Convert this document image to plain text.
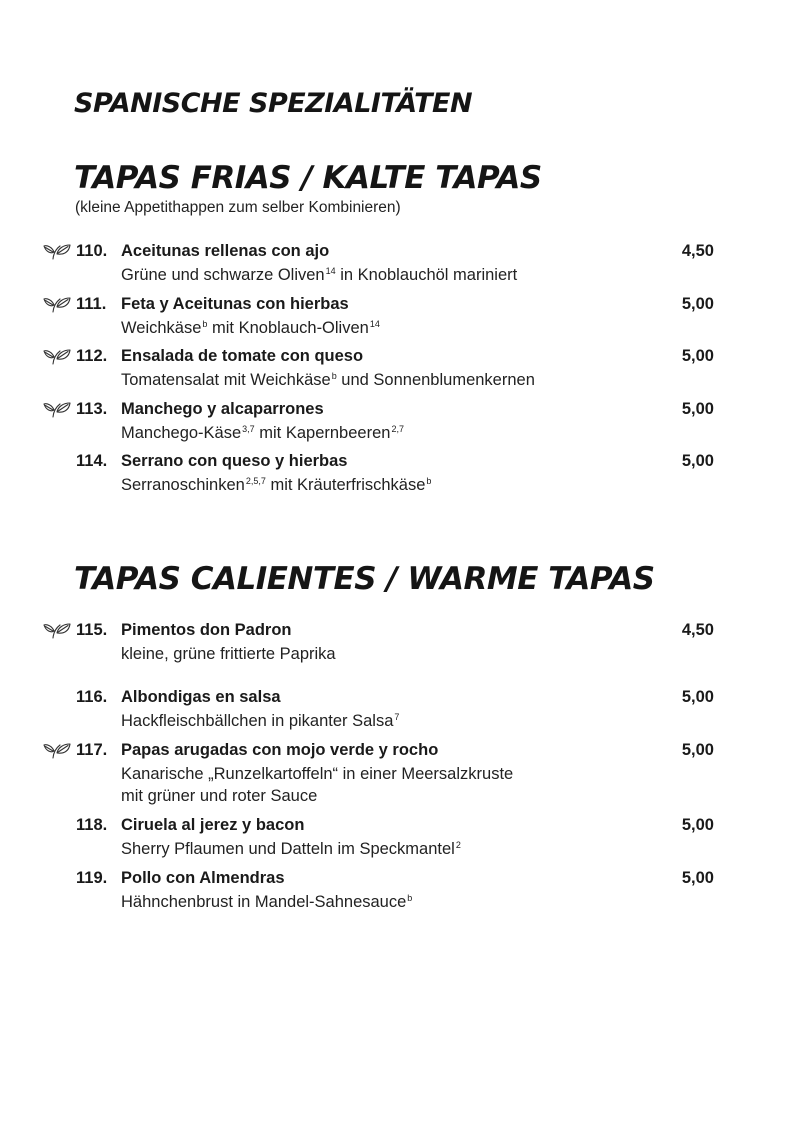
SPANISCHE SPEZIALITÄTEN
TAPAS FRIAS / KALTE TAPAS
(kleine Appetithappen zum selber Kombinieren)
TAPAS CALIENTES / WARME TAPAS
110. Aceitunas rellenas con ajo	4,50
Grüne und schwarze Oliven$^{14}$ in Knoblauchöl mariniert
111. Feta y Aceitunas con hierbas	5,00
Weichkäse$^b$ mit Knoblauch-Oliven$^{14}$
112. Ensalada de tomate con queso	5,00
Tomatensalat mit Weichkäse$^b$ und Sonnenblumenkernen
113. Manchego y alcaparrones	5,00
Manchego-Käse$^{3,7}$ mit Kapernbeeren$^{2,7}$
114. Serrano con queso y hierbas	5,00
Serranoschinken$^{2,5,7}$ mit Kräuterfrischkäse$^b$
115. Pimentos don Padron	4,50
kleine, grüne frittierte Paprika
116. Albondigas en salsa	5,00
Hackfleischbällchen in pikanter Salsa$^7$
117. Papas arugadas con mojo verde y rocho	5,00
Kanarische „Runzelkartoffeln“ in einer Meersalzkruste
mit grüner und roter Sauce
118. Ciruela al jerez y bacon	5,00
Sherry Pflaumen und Datteln im Speckmantel$^2$
119. Pollo con Almendras	5,00
Hähnchenbrust in Mandel-Sahnesauce$^b$
